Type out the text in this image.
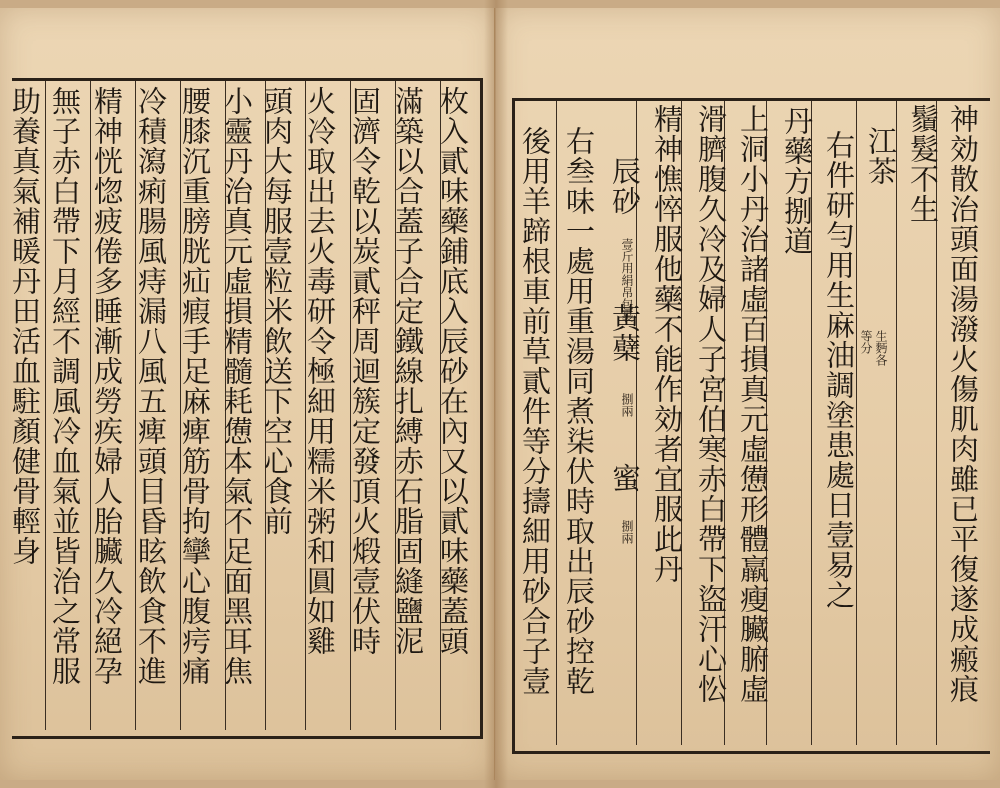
枚入貳味藥鋪底入辰砂在內又以貳味藥蓋頭
滿築以合蓋子合定鐵線扎縛赤石脂固縫鹽泥
固濟令乾以炭貳秤周迴簇定發頂火煅壹伏時
火冷取出去火毒研令極細用糯米粥和圓如雞
頭肉大每服壹粒米飲送下空心食前
小靈丹治真元虛損精髓耗憊本氣不足面黑耳焦
腰膝沉重膀胱疝瘕手足麻痺筋骨拘攣心腹疞痛
冷積瀉痢腸風痔漏八風五痺頭目昏眩飲食不進
精神恍惚疲倦多睡漸成勞疾婦人胎臟久冷絕孕
無子赤白帶下月經不調風冷血氣並皆治之常服
助養真氣補暖丹田活血駐顏健骨輕身	神効散治頭面湯潑火傷肌肉雖已平復遂成瘢痕
鬚髮不生
江茶
生麪各
等分
右件研勻用生麻油調塗患處日壹易之
丹藥方捌道
上洞小丹治諸虛百損真元虛憊形體羸瘦臟腑虛
滑臍腹久冷及婦人子宮伯寒赤白帶下盜汗心忪
精神憔悴服他藥不能作効者宜服此丹
辰砂
壹斤用絹帛包裹
黃蘗
捌兩
蜜
捌兩
右叁味一處用重湯同煮柒伏時取出辰砂控乾
後用羊蹄根車前草貳件等分擣細用砂合子壹
